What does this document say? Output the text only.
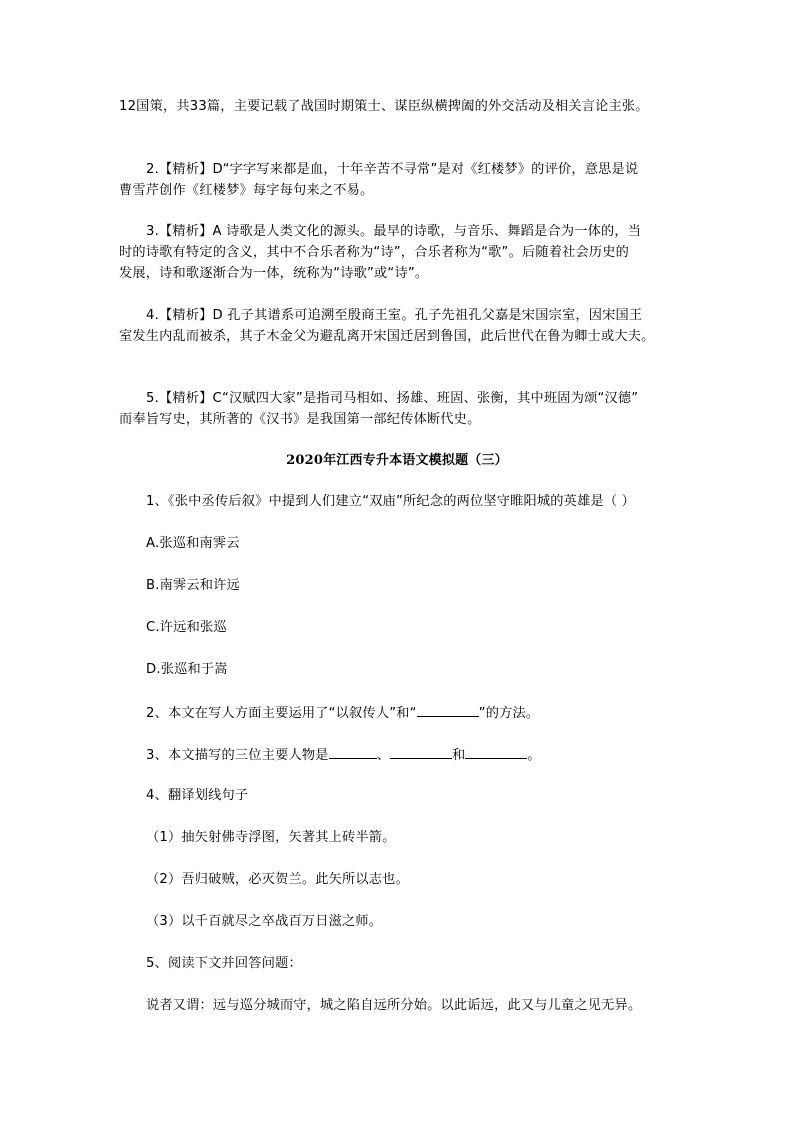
12国策，共33篇，主要记载了战国时期策士、谋臣纵横捭阖的外交活动及相关言论主张。
2.【精析】D“字字写来都是血，十年辛苦不寻常”是对《红楼梦》的评价，意思是说
曹雪芹创作《红楼梦》每字每句来之不易。
3.【精析】A 诗歌是人类文化的源头。最早的诗歌，与音乐、舞蹈是合为一体的，当
时的诗歌有特定的含义，其中不合乐者称为“诗”，合乐者称为“歌”。后随着社会历史的
发展，诗和歌逐渐合为一体，统称为“诗歌”或“诗”。
4.【精析】D 孔子其谱系可追溯至殷商王室。孔子先祖孔父嘉是宋国宗室，因宋国王
室发生内乱而被杀，其子木金父为避乱离开宋国迁居到鲁国，此后世代在鲁为卿士或大夫。
5.【精析】C“汉赋四大家”是指司马相如、扬雄、班固、张衡，其中班固为颂“汉德”
而奉旨写史，其所著的《汉书》是我国第一部纪传体断代史。
2020年江西专升本语文模拟题（三）
1、《张中丞传后叙》中提到人们建立“双庙”所纪念的两位坚守睢阳城的英雄是（ ）
A.张巡和南霁云
B.南霁云和许远
C.许远和张巡
D.张巡和于嵩
2、本文在写人方面主要运用了“以叙传人”和“	”的方法。
3、本文描写的三位主要人物是	、	和	。
4、翻译划线句子
（1）抽矢射佛寺浮图，矢著其上砖半箭。
（2）吾归破贼，必灭贺兰。此矢所以志也。
（3）以千百就尽之卒战百万日滋之师。
5、阅读下文并回答问题：
说者又谓：远与巡分城而守，城之陷自远所分始。以此诟远，此又与儿童之见无异。
